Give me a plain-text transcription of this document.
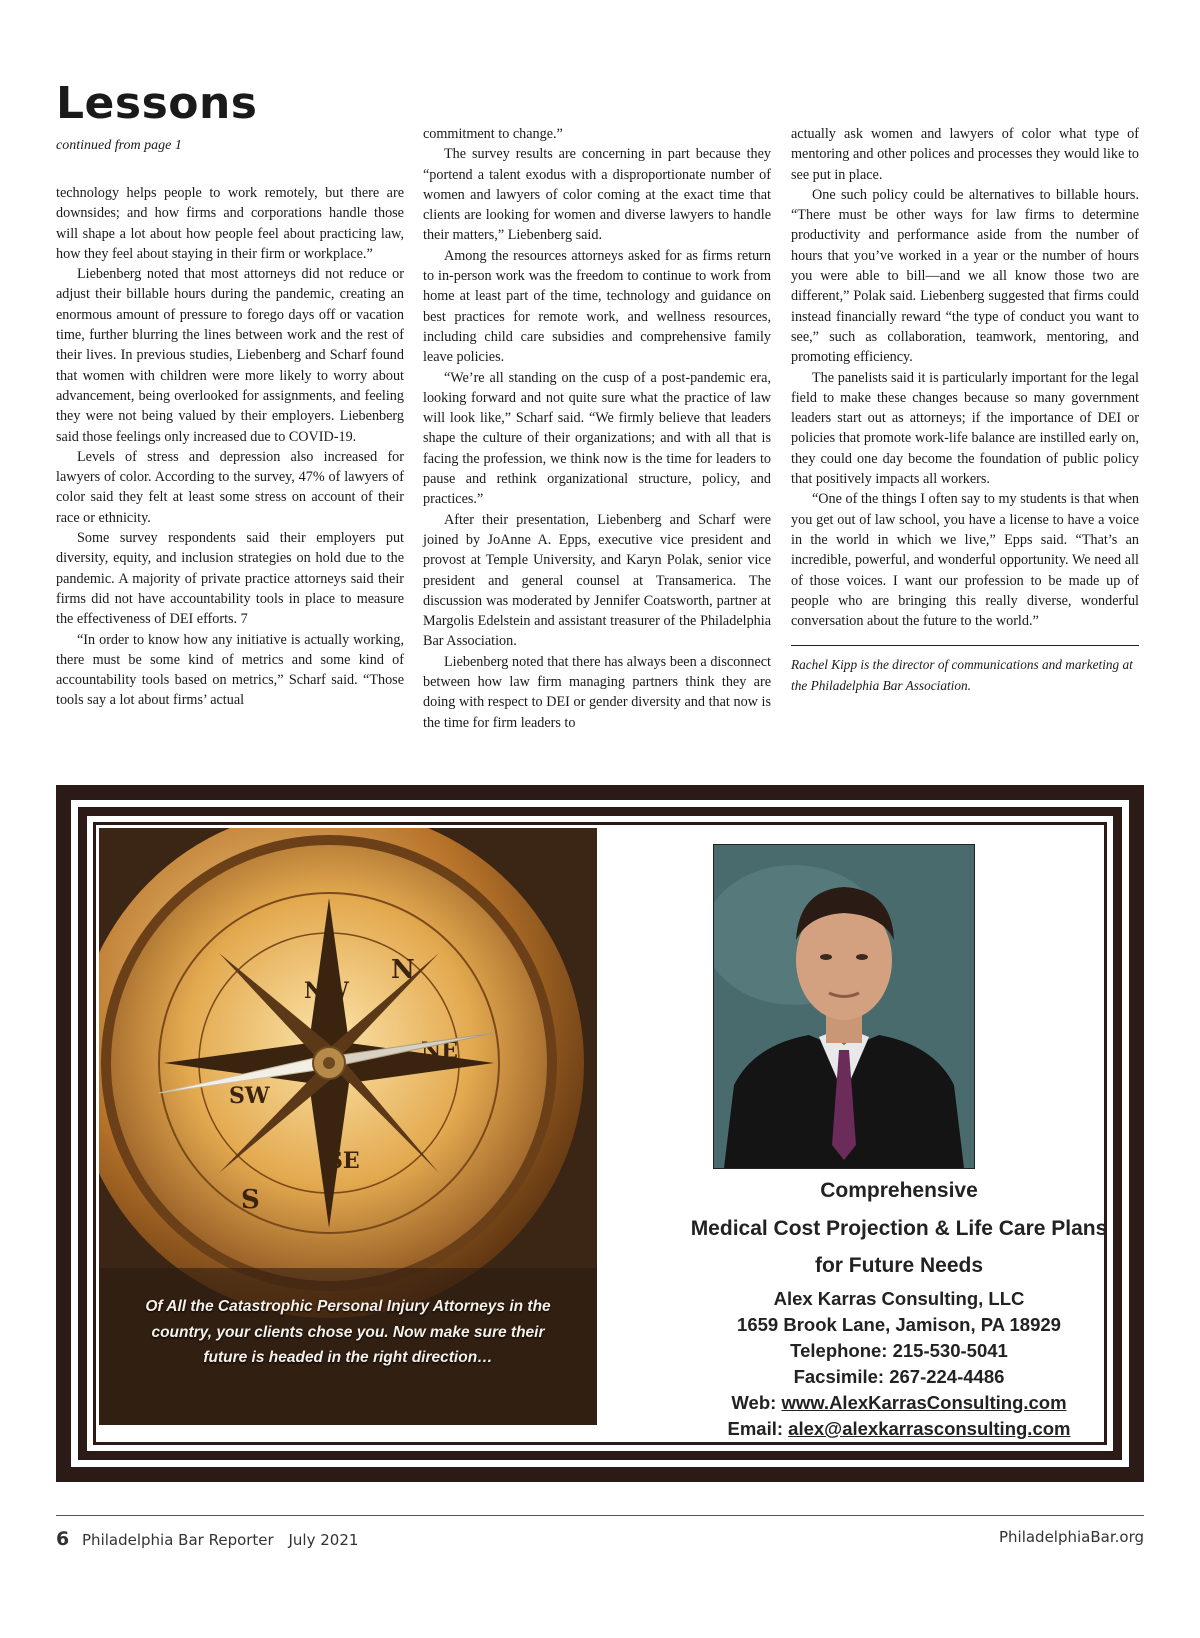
Lessons
continued from page 1

technology helps people to work remotely, but there are downsides; and how firms and corporations handle those will shape a lot about how people feel about practicing law, how they feel about staying in their firm or workplace.”

Liebenberg noted that most attorneys did not reduce or adjust their billable hours during the pandemic, creating an enormous amount of pressure to forego days off or vacation time, further blurring the lines between work and the rest of their lives. In previous studies, Liebenberg and Scharf found that women with children were more likely to worry about advancement, being overlooked for assignments, and feeling they were not being valued by their employers. Liebenberg said those feelings only increased due to COVID-19.

Levels of stress and depression also increased for lawyers of color. According to the survey, 47% of lawyers of color said they felt at least some stress on account of their race or ethnicity.

Some survey respondents said their employers put diversity, equity, and inclusion strategies on hold due to the pandemic. A majority of private practice attorneys said their firms did not have accountability tools in place to measure the effectiveness of DEI efforts. 7

“In order to know how any initiative is actually working, there must be some kind of metrics and some kind of accountability tools based on metrics,” Scharf said. “Those tools say a lot about firms’ actual

commitment to change.”

The survey results are concerning in part because they “portend a talent exodus with a disproportionate number of women and lawyers of color coming at the exact time that clients are looking for women and diverse lawyers to handle their matters,” Liebenberg said.

Among the resources attorneys asked for as firms return to in-person work was the freedom to continue to work from home at least part of the time, technology and guidance on best practices for remote work, and wellness resources, including child care subsidies and comprehensive family leave policies.

“We’re all standing on the cusp of a post-pandemic era, looking forward and not quite sure what the practice of law will look like,” Scharf said. “We firmly believe that leaders shape the culture of their organizations; and with all that is facing the profession, we think now is the time for leaders to pause and rethink organizational structure, policy, and practices.”

After their presentation, Liebenberg and Scharf were joined by JoAnne A. Epps, executive vice president and provost at Temple University, and Karyn Polak, senior vice president and general counsel at Transamerica. The discussion was moderated by Jennifer Coatsworth, partner at Margolis Edelstein and assistant treasurer of the Philadelphia Bar Association.

Liebenberg noted that there has always been a disconnect between how law firm managing partners think they are doing with respect to DEI or gender diversity and that now is the time for firm leaders to

actually ask women and lawyers of color what type of mentoring and other polices and processes they would like to see put in place.

One such policy could be alternatives to billable hours. “There must be other ways for law firms to determine productivity and performance aside from the number of hours that you’ve worked in a year or the number of hours you were able to bill—and we all know those two are different,” Polak said. Liebenberg suggested that firms could instead financially reward “the type of conduct you want to see,” such as collaboration, teamwork, mentoring, and promoting efficiency.

The panelists said it is particularly important for the legal field to make these changes because so many government leaders start out as attorneys; if the importance of DEI or policies that promote work-life balance are instilled early on, they could one day become the foundation of public policy that positively impacts all workers.

“One of the things I often say to my students is that when you get out of law school, you have a license to have a voice in the world in which we live,” Epps said. “That’s an incredible, powerful, and wonderful opportunity. We need all of those voices. I want our profession to be made up of people who are bringing this really diverse, wonderful conversation about the future to the world.”

Rachel Kipp is the director of communications and marketing at the Philadelphia Bar Association.

NW
NE
SW
SE
N
S
Of All the Catastrophic Personal Injury Attorneys in the country, your clients chose you. Now make sure their future is headed in the right direction…
Comprehensive
Medical Cost Projection & Life Care Plans
for Future Needs
Alex Karras Consulting, LLC
1659 Brook Lane, Jamison, PA 18929
Telephone: 215-530-5041
Facsimile: 267-224-4486
Web: www.AlexKarrasConsulting.com
Email: alex@alexkarrasconsulting.com
6 Philadelphia Bar Reporter July 2021	PhiladelphiaBar.org
